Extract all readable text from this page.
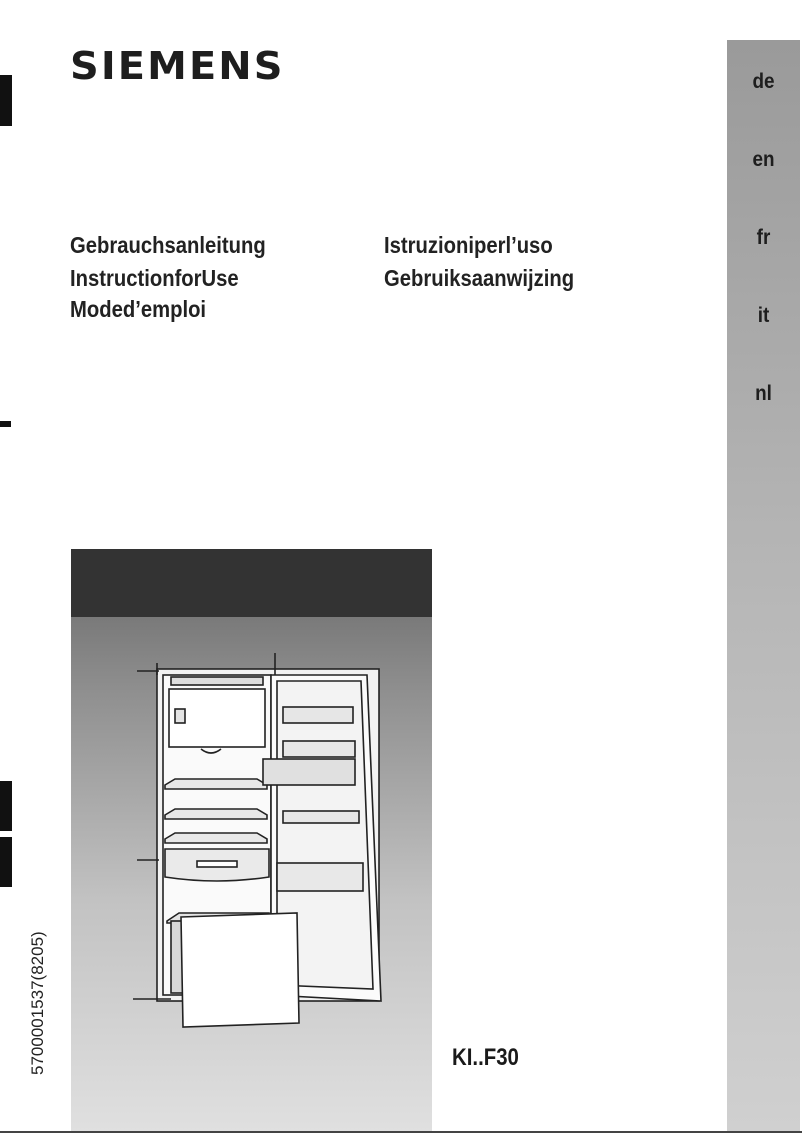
SIEMENS
Gebrauchsanleitung
InstructionforUse
Moded’emploi
Istruzioniperl’uso
Gebruiksaanwijzing
de
en
fr
it
nl
5700001537(8205)	KI..F30
